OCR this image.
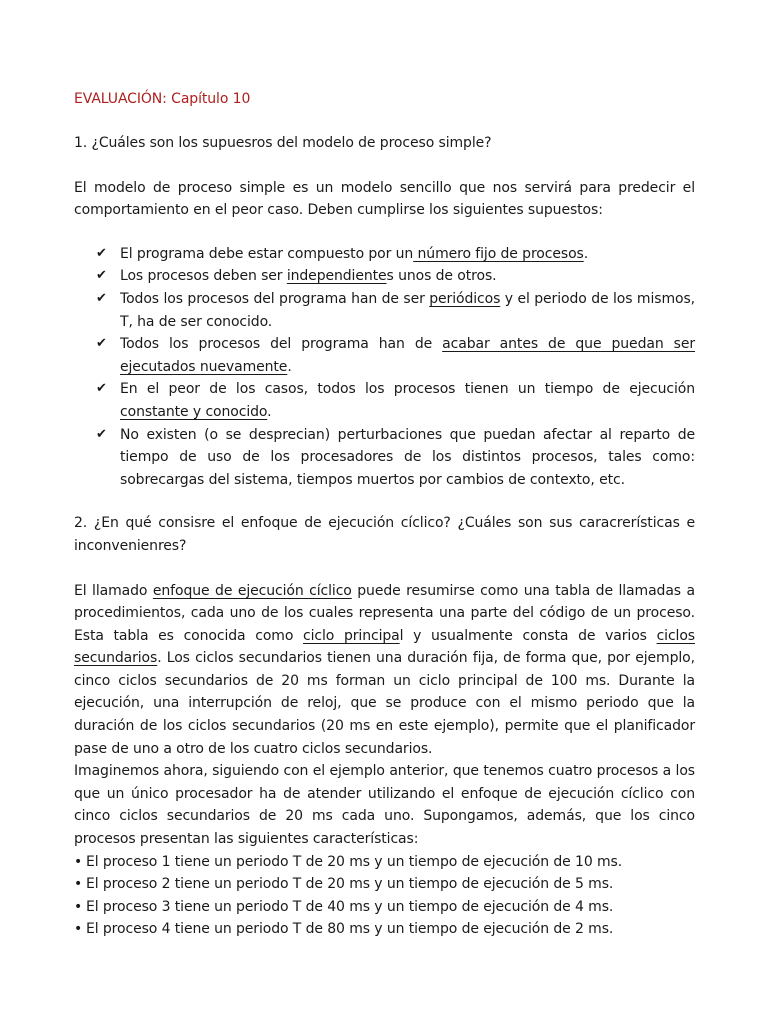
EVALUACIÓN: Capítulo 10
1. ¿Cuáles son los supuesros del modelo de proceso simple?

El modelo de proceso simple es un modelo sencillo que nos servirá para predecir el comportamiento en el peor caso. Deben cumplirse los siguientes supuestos:

✔ El programa debe estar compuesto por un número fijo de procesos.
✔ Los procesos deben ser independientes unos de otros.
✔ Todos los procesos del programa han de ser periódicos y el periodo de los mismos, T, ha de ser conocido.
✔ Todos los procesos del programa han de acabar antes de que puedan ser ejecutados nuevamente.
✔ En el peor de los casos, todos los procesos tienen un tiempo de ejecución constante y conocido.
✔ No existen (o se desprecian) perturbaciones que puedan afectar al reparto de tiempo de uso de los procesadores de los distintos procesos, tales como: sobrecargas del sistema, tiempos muertos por cambios de contexto, etc.
2. ¿En qué consisre el enfoque de ejecución cíclico? ¿Cuáles son sus caracrerísticas e inconvenienres?

El llamado enfoque de ejecución cíclico puede resumirse como una tabla de llamadas a procedimientos, cada uno de los cuales representa una parte del código de un proceso. Esta tabla es conocida como ciclo principal y usualmente consta de varios ciclos secundarios. Los ciclos secundarios tienen una duración fija, de forma que, por ejemplo, cinco ciclos secundarios de 20 ms forman un ciclo principal de 100 ms. Durante la ejecución, una interrupción de reloj, que se produce con el mismo periodo que la duración de los ciclos secundarios (20 ms en este ejemplo), permite que el planificador pase de uno a otro de los cuatro ciclos secundarios.

Imaginemos ahora, siguiendo con el ejemplo anterior, que tenemos cuatro procesos a los que un único procesador ha de atender utilizando el enfoque de ejecución cíclico con cinco ciclos secundarios de 20 ms cada uno. Supongamos, además, que los cinco procesos presentan las siguientes características:

• El proceso 1 tiene un periodo T de 20 ms y un tiempo de ejecución de 10 ms.
• El proceso 2 tiene un periodo T de 20 ms y un tiempo de ejecución de 5 ms.
• El proceso 3 tiene un periodo T de 40 ms y un tiempo de ejecución de 4 ms.
• El proceso 4 tiene un periodo T de 80 ms y un tiempo de ejecución de 2 ms.
